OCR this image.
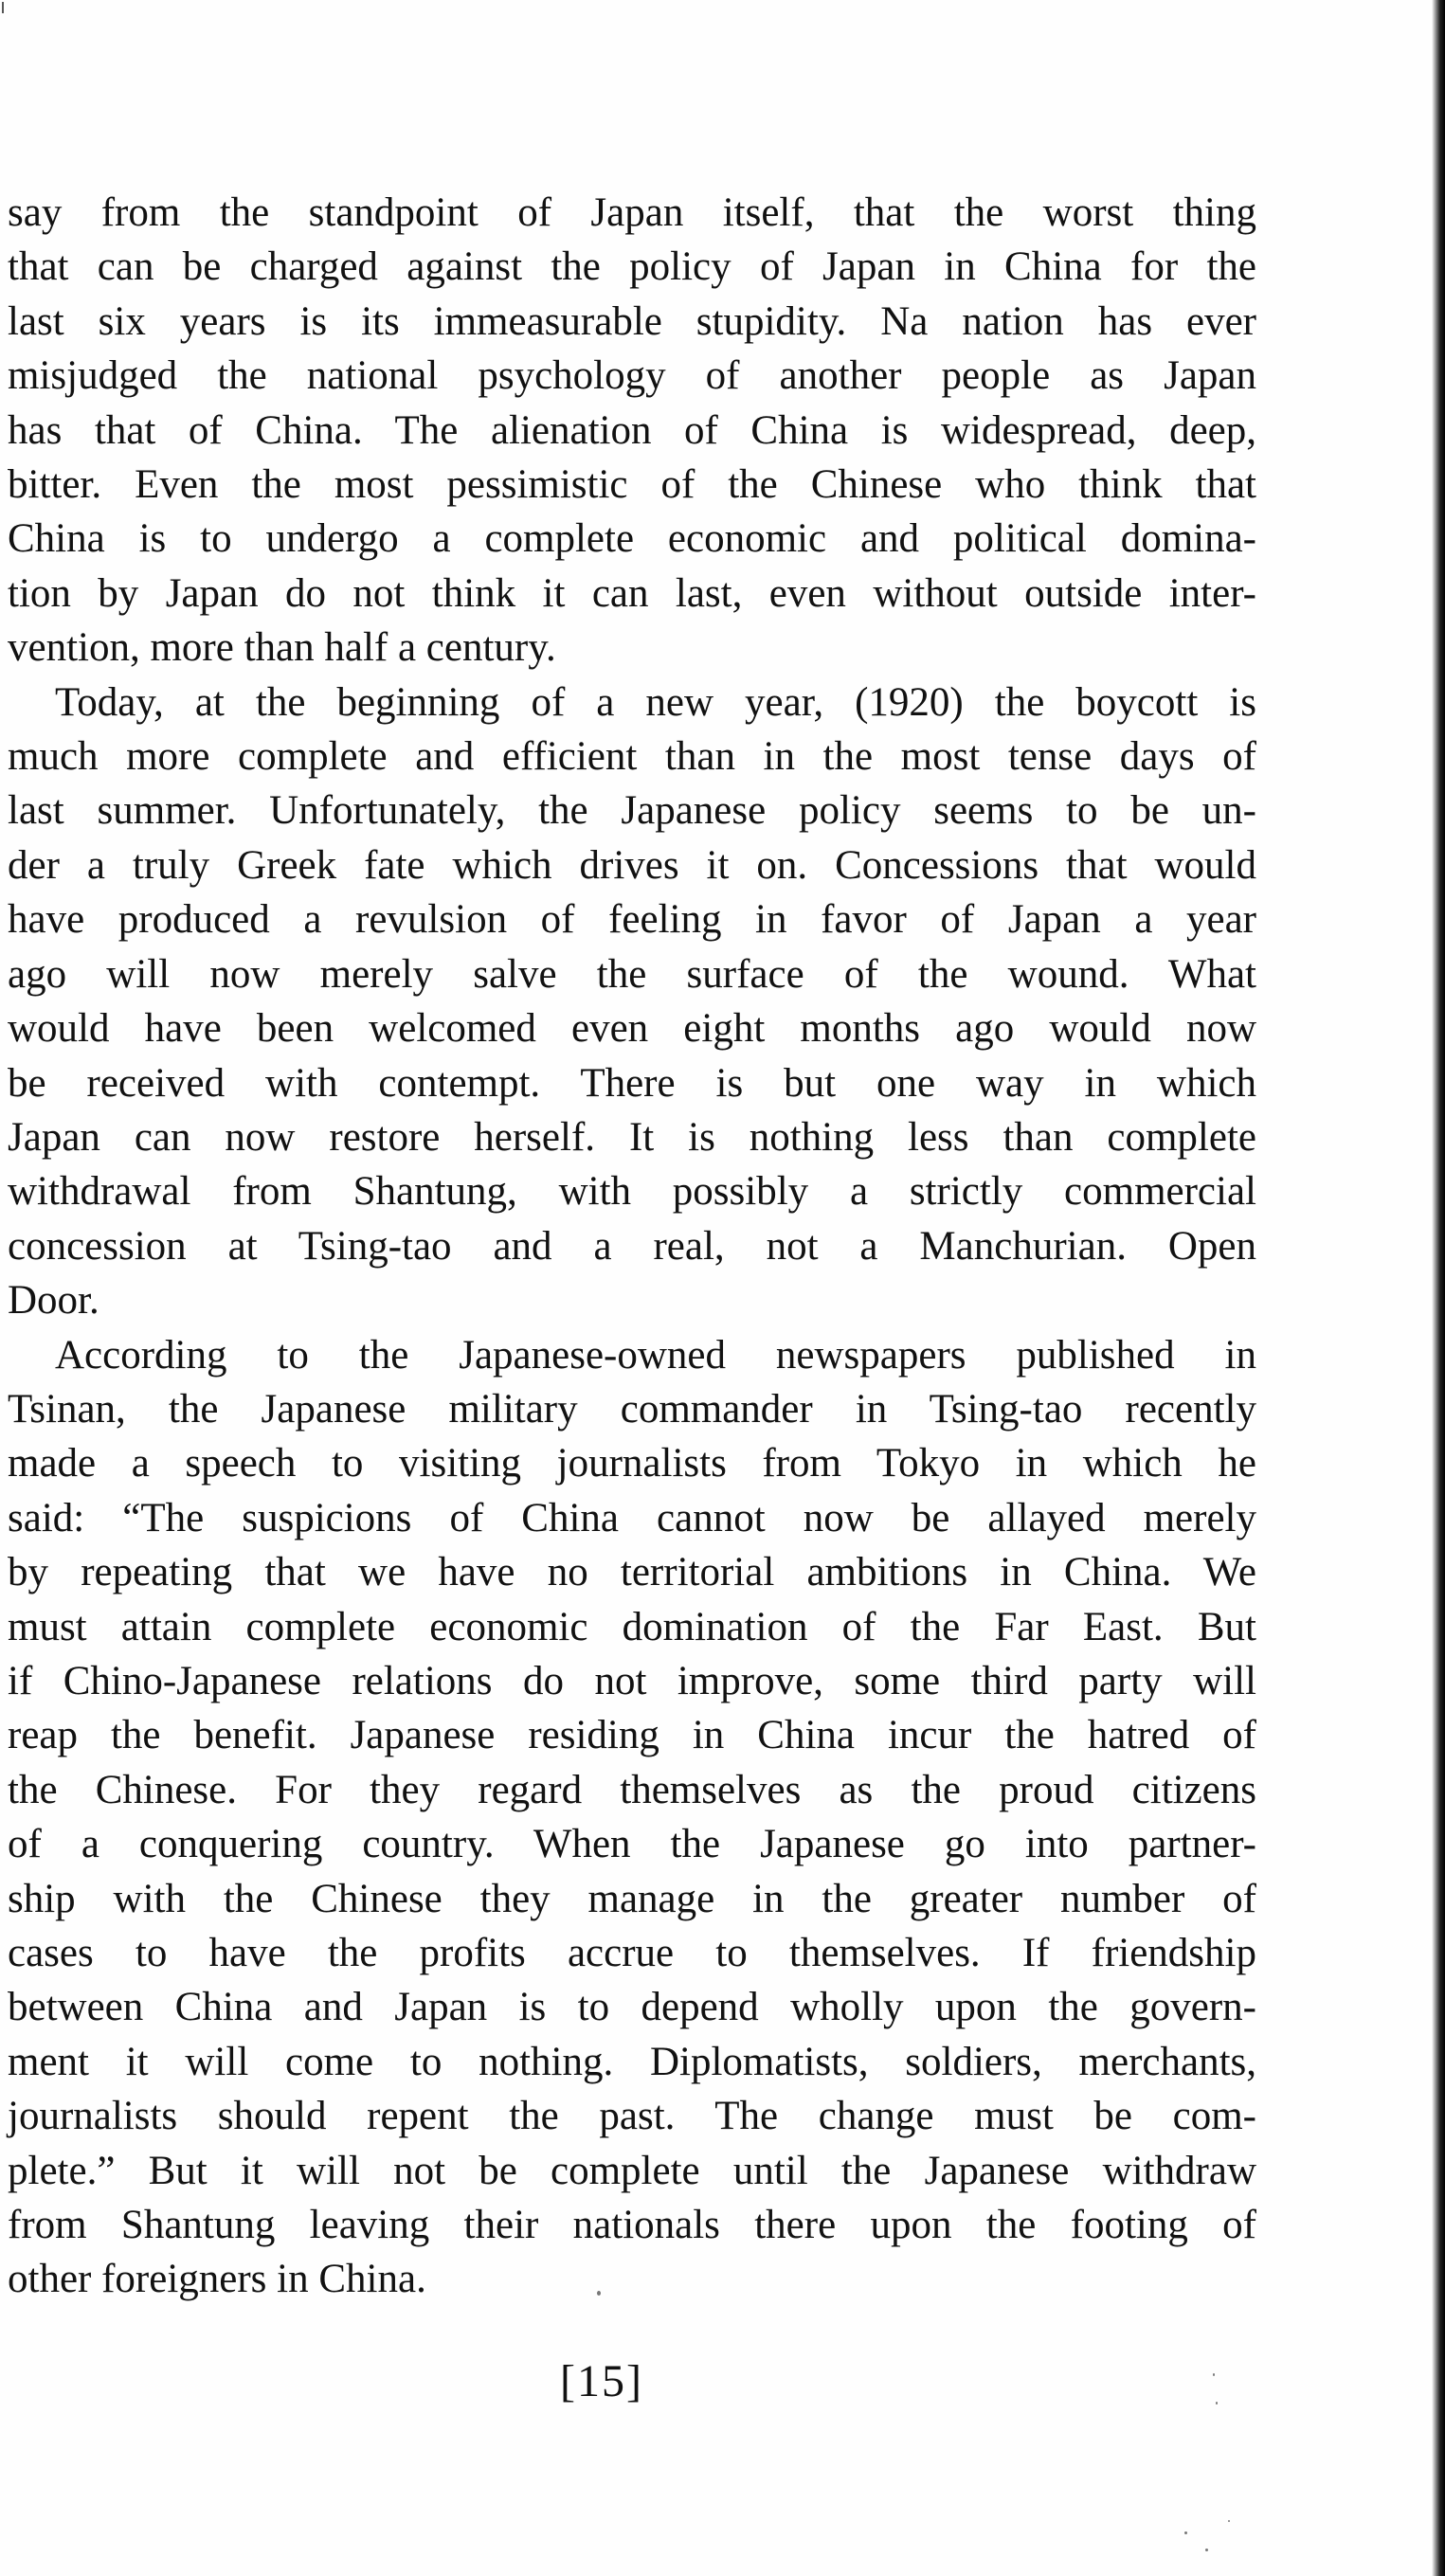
say from the standpoint of Japan itself, that the worst thing
that can be charged against the policy of Japan in China for the
last six years is its immeasurable stupidity. Na nation has ever
misjudged the national psychology of another people as Japan
has that of China. The alienation of China is widespread, deep,
bitter. Even the most pessimistic of the Chinese who think that
China is to undergo a complete economic and political domina-
tion by Japan do not think it can last, even without outside inter-
vention, more than half a century.

Today, at the beginning of a new year, (1920) the boycott is
much more complete and efficient than in the most tense days of
last summer. Unfortunately, the Japanese policy seems to be un-
der a truly Greek fate which drives it on. Concessions that would
have produced a revulsion of feeling in favor of Japan a year
ago will now merely salve the surface of the wound. What
would have been welcomed even eight months ago would now
be received with contempt. There is but one way in which
Japan can now restore herself. It is nothing less than complete
withdrawal from Shantung, with possibly a strictly commercial
concession at Tsing-tao and a real, not a Manchurian. Open
Door.

According to the Japanese-owned newspapers published in
Tsinan, the Japanese military commander in Tsing-tao recently
made a speech to visiting journalists from Tokyo in which he
said: “The suspicions of China cannot now be allayed merely
by repeating that we have no territorial ambitions in China. We
must attain complete economic domination of the Far East. But
if Chino-Japanese relations do not improve, some third party will
reap the benefit. Japanese residing in China incur the hatred of
the Chinese. For they regard themselves as the proud citizens
of a conquering country. When the Japanese go into partner-
ship with the Chinese they manage in the greater number of
cases to have the profits accrue to themselves. If friendship
between China and Japan is to depend wholly upon the govern-
ment it will come to nothing. Diplomatists, soldiers, merchants,
journalists should repent the past. The change must be com-
plete.” But it will not be complete until the Japanese withdraw
from Shantung leaving their nationals there upon the footing of
other foreigners in China.

[15]
